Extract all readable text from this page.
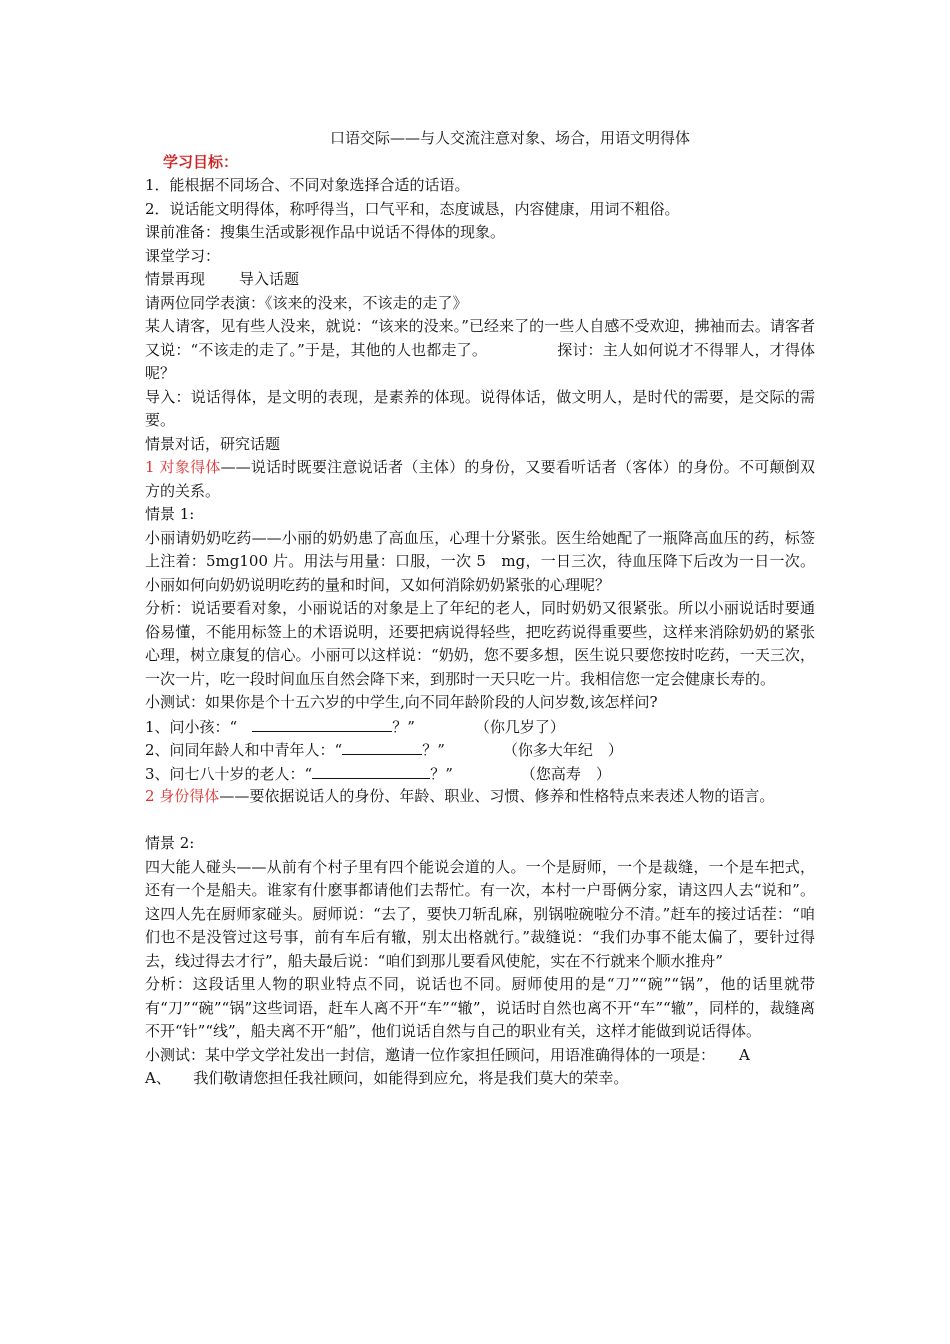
口语交际——与人交流注意对象、场合，用语文明得体
学习目标：
1．能根据不同场合、不同对象选择合适的话语。
2．说话能文明得体，称呼得当，口气平和，态度诚恳，内容健康，用词不粗俗。
课前准备：搜集生活或影视作品中说话不得体的现象。
课堂学习：
情景再现 导入话题
请两位同学表演：《该来的没来，不该走的走了》
某人请客，见有些人没来，就说：“该来的没来。”已经来了的一些人自感不受欢迎，拂袖而去。请客者又说：“不该走的走了。”于是，其他的人也都走了。	探讨：主人如何说才不得罪人，才得体呢？
导入：说话得体，是文明的表现，是素养的体现。说得体话，做文明人，是时代的需要，是交际的需要。
情景对话，研究话题
1 对象得体——说话时既要注意说话者（主体）的身份，又要看听话者（客体）的身份。不可颠倒双方的关系。
情景 1:
小丽请奶奶吃药——小丽的奶奶患了高血压，心理十分紧张。医生给她配了一瓶降高血压的药，标签上注着：5mg100 片。用法与用量：口服，一次 5　mg，一日三次，待血压降下后改为一日一次。小丽如何向奶奶说明吃药的量和时间，又如何消除奶奶紧张的心理呢？
分析：说话要看对象，小丽说话的对象是上了年纪的老人，同时奶奶又很紧张。所以小丽说话时要通俗易懂，不能用标签上的术语说明，还要把病说得轻些，把吃药说得重要些，这样来消除奶奶的紧张心理，树立康复的信心。小丽可以这样说：“奶奶，您不要多想，医生说只要您按时吃药，一天三次，一次一片，吃一段时间血压自然会降下来，到那时一天只吃一片。我相信您一定会健康长寿的。
小测试：如果你是个十五六岁的中学生,向不同年龄阶段的人问岁数,该怎样问?
1、问小孩：“　	？”	（你几岁了）
2、问同年龄人和中青年人：“	？”	（你多大年纪　）
3、问七八十岁的老人：“	？”	（您高寿　）
2 身份得体——要依据说话人的身份、年龄、职业、习惯、修养和性格特点来表述人物的语言。
情景 2:
四大能人碰头——从前有个村子里有四个能说会道的人。一个是厨师，一个是裁缝，一个是车把式，还有一个是船夫。谁家有什麽事都请他们去帮忙。有一次，本村一户哥俩分家，请这四人去“说和”。这四人先在厨师家碰头。厨师说：“去了，要快刀斩乱麻，别锅啦碗啦分不清。”赶车的接过话茬：“咱们也不是没管过这号事，前有车后有辙，别太出格就行。”裁缝说：“我们办事不能太偏了，要针过得去，线过得去才行”，船夫最后说：“咱们到那儿要看风使舵，实在不行就来个顺水推舟”
分析：这段话里人物的职业特点不同，说话也不同。厨师使用的是“刀”“碗”“锅”，他的话里就带有“刀”“碗”“锅”这些词语，赶车人离不开“车”“辙”，说话时自然也离不开“车”“辙”，同样的，裁缝离不开“针”“线”，船夫离不开“船”，他们说话自然与自己的职业有关，这样才能做到说话得体。
小测试：某中学文学社发出一封信，邀请一位作家担任顾问，用语准确得体的一项是： A
A、　　我们敬请您担任我社顾问，如能得到应允，将是我们莫大的荣幸。
